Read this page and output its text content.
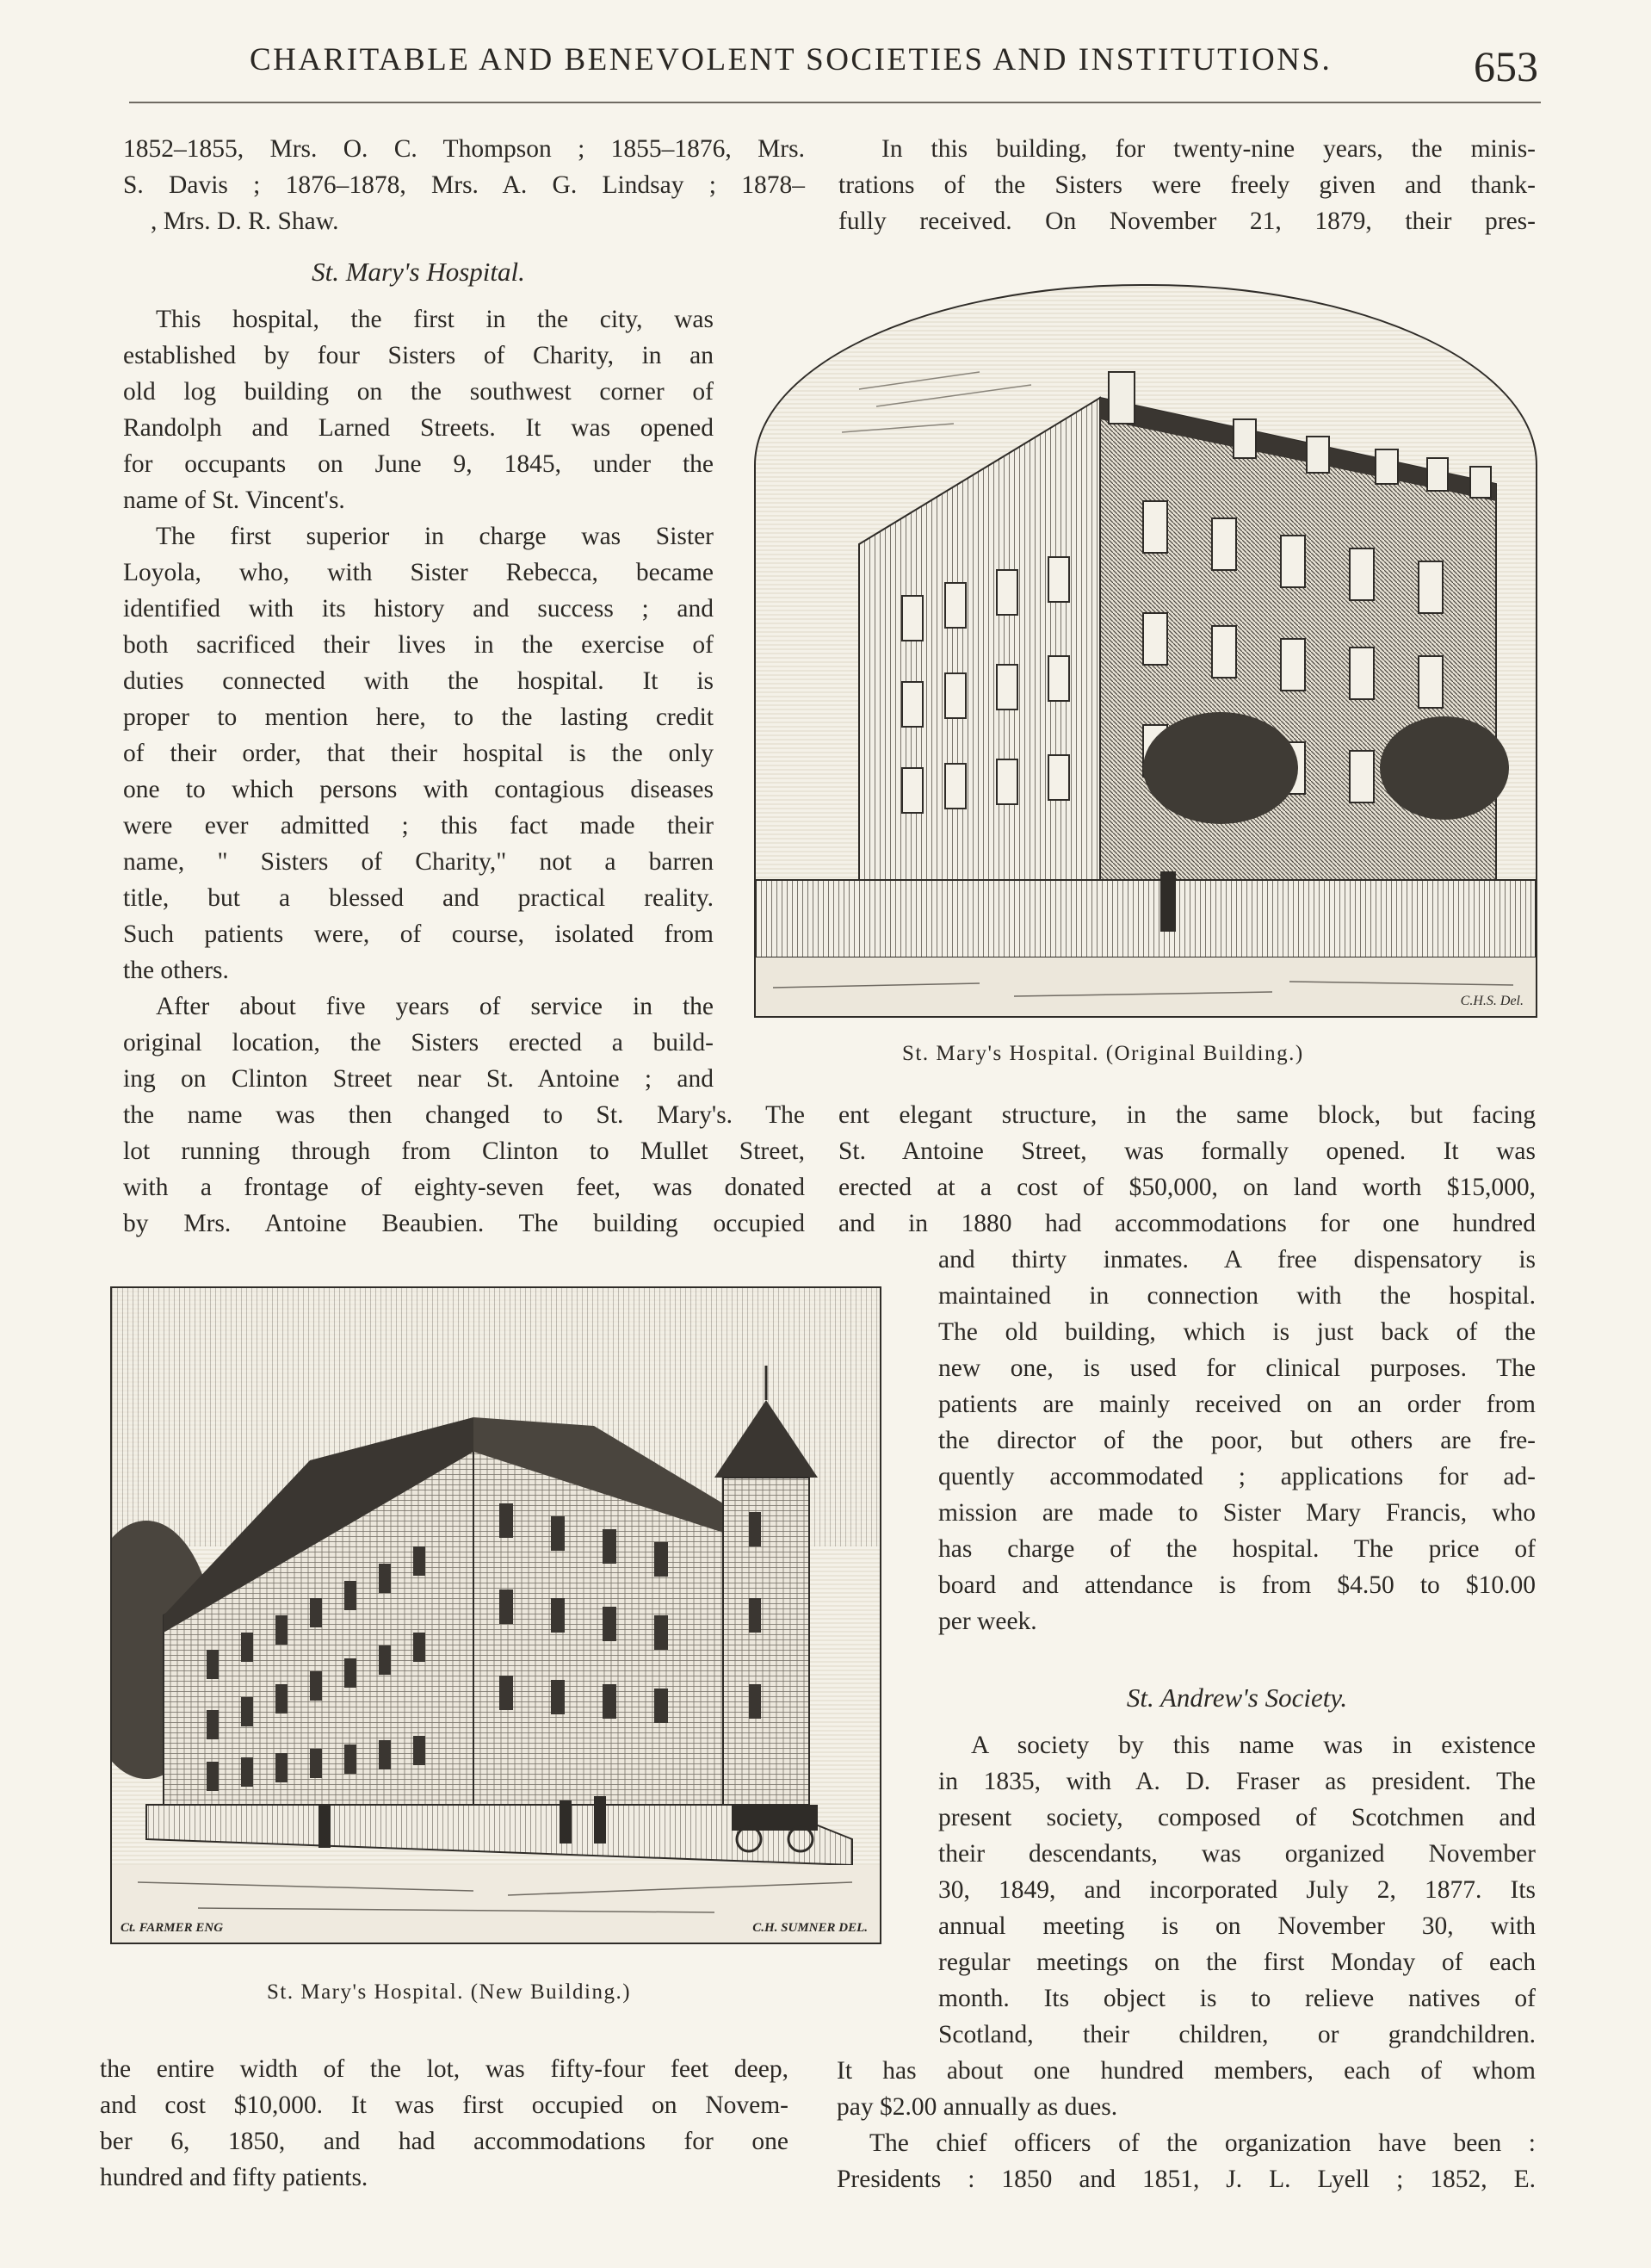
CHARITABLE AND BENEVOLENT SOCIETIES AND INSTITUTIONS.	653
1852–1855, Mrs. O. C. Thompson ; 1855–1876, Mrs.
S. Davis ; 1876–1878, Mrs. A. G. Lindsay ; 1878–
, Mrs. D. R. Shaw.
In this building, for twenty-nine years, the minis-
trations of the Sisters were freely given and thank-
fully received. On November 21, 1879, their pres-
St. Mary's Hospital.
This hospital, the first in the city, was
established by four Sisters of Charity, in an
old log building on the southwest corner of
Randolph and Larned Streets. It was opened
for occupants on June 9, 1845, under the
name of St. Vincent's.
The first superior in charge was Sister
Loyola, who, with Sister Rebecca, became
identified with its history and success ; and
both sacrificed their lives in the exercise of
duties connected with the hospital. It is
proper to mention here, to the lasting credit
of their order, that their hospital is the only
one to which persons with contagious diseases
were ever admitted ; this fact made their
name, " Sisters of Charity," not a barren
title, but a blessed and practical reality.
Such patients were, of course, isolated from
the others.
After about five years of service in the
original location, the Sisters erected a build-
ing on Clinton Street near St. Antoine ; and
the name was then changed to St. Mary's. The
lot running through from Clinton to Mullet Street,
with a frontage of eighty-seven feet, was donated
by Mrs. Antoine Beaubien. The building occupied
C.H.S. Del.
St. Mary's Hospital. (Original Building.)
ent elegant structure, in the same block, but facing
St. Antoine Street, was formally opened. It was
erected at a cost of $50,000, on land worth $15,000,
and in 1880 had accommodations for one hundred
Ct. FARMER ENG	C.H. SUMNER DEL.
St. Mary's Hospital. (New Building.)
and thirty inmates. A free dispensatory is
maintained in connection with the hospital.
The old building, which is just back of the
new one, is used for clinical purposes. The
patients are mainly received on an order from
the director of the poor, but others are fre-
quently accommodated ; applications for ad-
mission are made to Sister Mary Francis, who
has charge of the hospital. The price of
board and attendance is from $4.50 to $10.00
per week.
St. Andrew's Society.
A society by this name was in existence
in 1835, with A. D. Fraser as president. The
present society, composed of Scotchmen and
their descendants, was organized November
30, 1849, and incorporated July 2, 1877. Its
annual meeting is on November 30, with
regular meetings on the first Monday of each
month. Its object is to relieve natives of
Scotland, their children, or grandchildren.
the entire width of the lot, was fifty-four feet deep,
and cost $10,000. It was first occupied on Novem-
ber 6, 1850, and had accommodations for one
hundred and fifty patients.
It has about one hundred members, each of whom
pay $2.00 annually as dues.
The chief officers of the organization have been :
Presidents : 1850 and 1851, J. L. Lyell ; 1852, E.
